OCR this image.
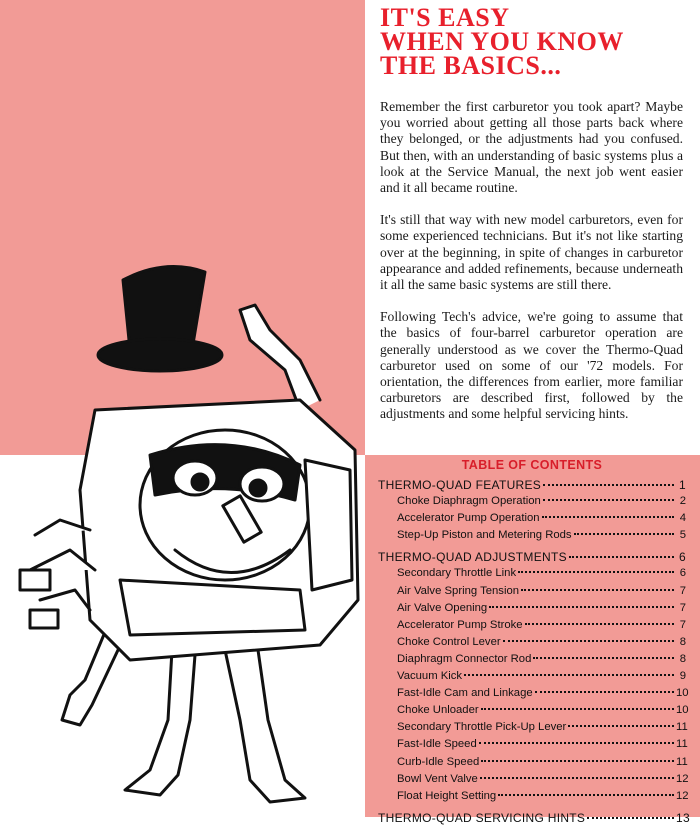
IT'S EASY
WHEN YOU KNOW
THE BASICS...

Remember the first carburetor you took apart? Maybe you worried about getting all those parts back where they belonged, or the adjustments had you confused. But then, with an understanding of basic systems plus a look at the Service Manual, the next job went easier and it all became routine.

It's still that way with new model carburetors, even for some experienced technicians. But it's not like starting over at the beginning, in spite of changes in carburetor appearance and added refinements, because underneath it all the same basic systems are still there.

Following Tech's advice, we're going to assume that the basics of four-barrel carburetor operation are generally understood as we cover the Thermo-Quad carburetor used on some of our '72 models. For orientation, the differences from earlier, more familiar carburetors are described first, followed by the adjustments and some helpful servicing hints.

TABLE OF CONTENTS
THERMO-QUAD FEATURES	1
Choke Diaphragm Operation	2
Accelerator Pump Operation	4
Step-Up Piston and Metering Rods	5
THERMO-QUAD ADJUSTMENTS	6
Secondary Throttle Link	6
Air Valve Spring Tension	7
Air Valve Opening	7
Accelerator Pump Stroke	7
Choke Control Lever	8
Diaphragm Connector Rod	8
Vacuum Kick	9
Fast-Idle Cam and Linkage	10
Choke Unloader	10
Secondary Throttle Pick-Up Lever	11
Fast-Idle Speed	11
Curb-Idle Speed	11
Bowl Vent Valve	12
Float Height Setting	12
THERMO-QUAD SERVICING HINTS	13
